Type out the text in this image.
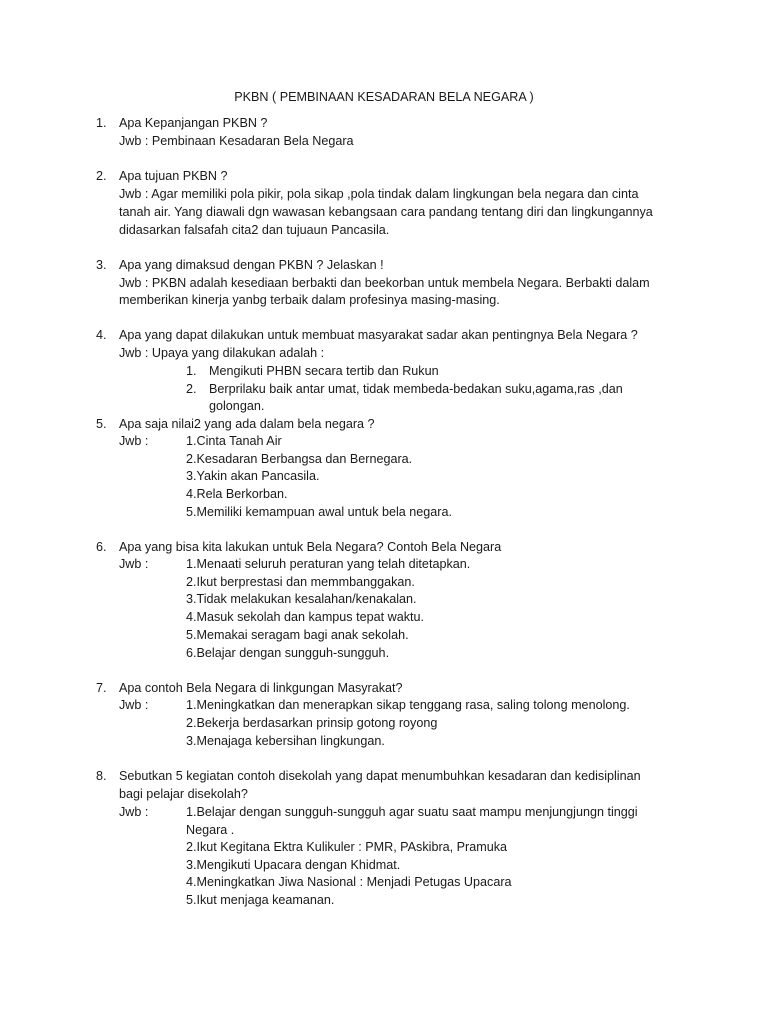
PKBN ( PEMBINAAN KESADARAN BELA NEGARA )
1. Apa Kepanjangan PKBN ?
Jwb : Pembinaan Kesadaran Bela Negara
2. Apa tujuan PKBN ?
Jwb : Agar memiliki pola pikir, pola sikap ,pola tindak dalam lingkungan bela negara dan cinta
tanah air. Yang diawali dgn wawasan kebangsaan cara pandang tentang diri dan lingkungannya
didasarkan falsafah cita2 dan tujuaun Pancasila.
3. Apa yang dimaksud dengan PKBN ? Jelaskan !
Jwb : PKBN adalah kesediaan berbakti dan beekorban untuk membela Negara. Berbakti dalam
memberikan kinerja yanbg terbaik dalam profesinya masing-masing.
4. Apa yang dapat dilakukan untuk membuat masyarakat sadar akan pentingnya Bela Negara ?
Jwb : Upaya yang dilakukan adalah :
1. Mengikuti PHBN secara tertib dan Rukun
2. Berprilaku baik antar umat, tidak membeda-bedakan suku,agama,ras ,dan
golongan.
5. Apa saja nilai2 yang ada dalam bela negara ?
Jwb :	1.Cinta Tanah Air
2.Kesadaran Berbangsa dan Bernegara.
3.Yakin akan Pancasila.
4.Rela Berkorban.
5.Memiliki kemampuan awal untuk bela negara.
6. Apa yang bisa kita lakukan untuk Bela Negara? Contoh Bela Negara
Jwb :	1.Menaati seluruh peraturan yang telah ditetapkan.
2.Ikut berprestasi dan memmbanggakan.
3.Tidak melakukan kesalahan/kenakalan.
4.Masuk sekolah dan kampus tepat waktu.
5.Memakai seragam bagi anak sekolah.
6.Belajar dengan sungguh-sungguh.
7. Apa contoh Bela Negara di linkgungan Masyrakat?
Jwb :	1.Meningkatkan dan menerapkan sikap tenggang rasa, saling tolong menolong.
2.Bekerja berdasarkan prinsip gotong royong
3.Menajaga kebersihan lingkungan.
8. Sebutkan 5 kegiatan contoh disekolah yang dapat menumbuhkan kesadaran dan kedisiplinan
bagi pelajar disekolah?
Jwb :	1.Belajar dengan sungguh-sungguh agar suatu saat mampu menjungjungn tinggi
Negara .
2.Ikut Kegitana Ektra Kulikuler : PMR, PAskibra, Pramuka
3.Mengikuti Upacara dengan Khidmat.
4.Meningkatkan Jiwa Nasional : Menjadi Petugas Upacara
5.Ikut menjaga keamanan.
